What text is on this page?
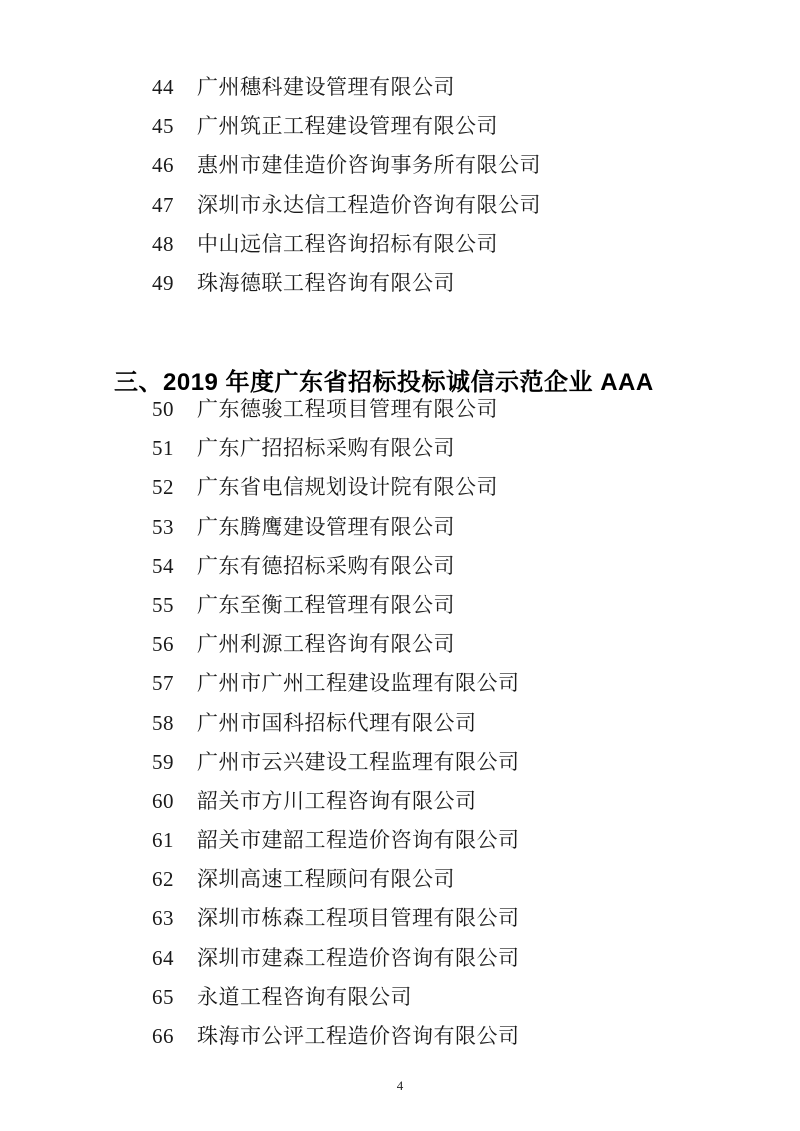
44	广州穗科建设管理有限公司
45	广州筑正工程建设管理有限公司
46	惠州市建佳造价咨询事务所有限公司
47	深圳市永达信工程造价咨询有限公司
48	中山远信工程咨询招标有限公司
49	珠海德联工程咨询有限公司
三、2019 年度广东省招标投标诚信示范企业 AAA
50	广东德骏工程项目管理有限公司
51	广东广招招标采购有限公司
52	广东省电信规划设计院有限公司
53	广东腾鹰建设管理有限公司
54	广东有德招标采购有限公司
55	广东至衡工程管理有限公司
56	广州利源工程咨询有限公司
57	广州市广州工程建设监理有限公司
58	广州市国科招标代理有限公司
59	广州市云兴建设工程监理有限公司
60	韶关市方川工程咨询有限公司
61	韶关市建韶工程造价咨询有限公司
62	深圳高速工程顾问有限公司
63	深圳市栋森工程项目管理有限公司
64	深圳市建森工程造价咨询有限公司
65	永道工程咨询有限公司
66	珠海市公评工程造价咨询有限公司
4
